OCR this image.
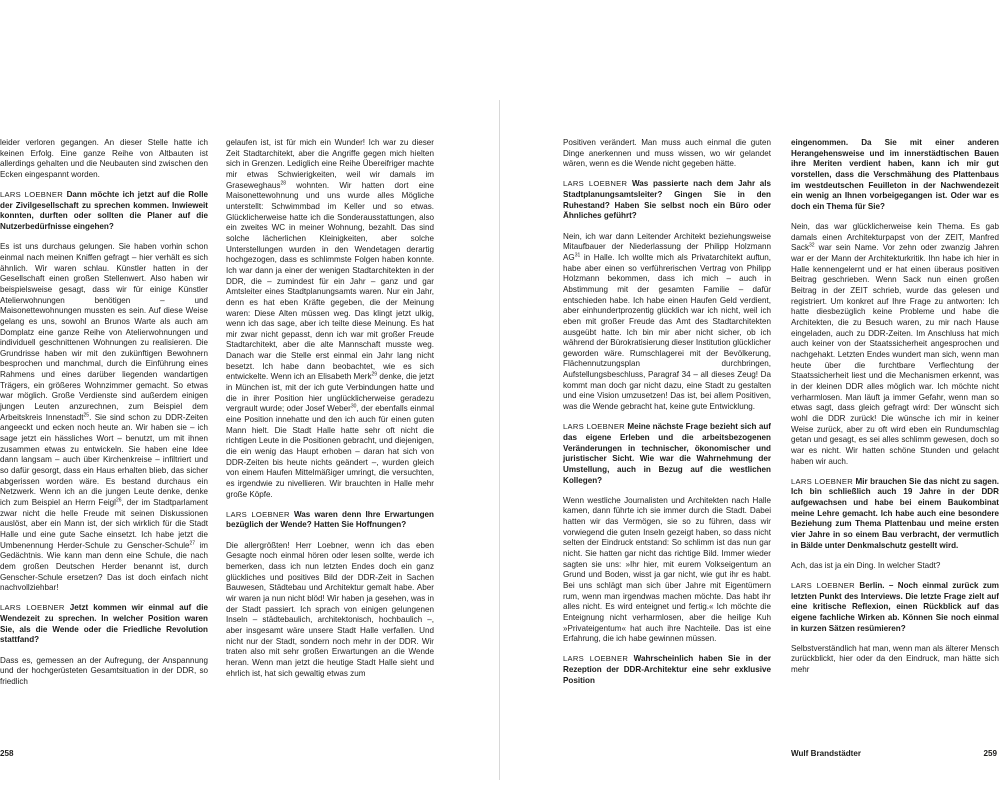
leider verloren gegangen. An dieser Stelle hatte ich keinen Erfolg. Eine ganze Reihe von Altbauten ist allerdings gehalten und die Neubauten sind zwischen den Ecken eingespannt worden.

LARS LOEBNER Dann möchte ich jetzt auf die Rolle der Zivilgesellschaft zu sprechen kommen. Inwieweit konnten, durften oder sollten die Planer auf die Nutzerbedürfnisse eingehen?

Es ist uns durchaus gelungen. Sie haben vorhin schon einmal nach meinen Kniffen gefragt – hier verhält es sich ähnlich. Wir waren schlau. Künstler hatten in der Gesellschaft einen großen Stellenwert. Also haben wir beispielsweise gesagt, dass wir für einige Künstler Atelierwohnungen benötigen – und Maisonettewohnungen mussten es sein. Auf diese Weise gelang es uns, sowohl an Brunos Warte als auch am Domplatz eine ganze Reihe von Atelierwohnungen und individuell geschnittenen Wohnungen zu realisieren. Die Grundrisse haben wir mit den zukünftigen Bewohnern besprochen und manchmal, durch die Einführung eines Rahmens und eines darüber liegenden wandartigen Trägers, ein größeres Wohnzimmer gemacht. So etwas war möglich. Große Verdienste sind außerdem einigen jungen Leuten anzurechnen, zum Beispiel dem Arbeitskreis Innenstadt$^{25}$. Sie sind schon zu DDR-Zeiten angeeckt und ecken noch heute an. Wir haben sie – ich sage jetzt ein hässliches Wort – benutzt, um mit ihnen zusammen etwas zu entwickeln. Sie haben eine Idee dann langsam – auch über Kirchenkreise – infiltriert und so dafür gesorgt, dass ein Haus erhalten blieb, das sicher abgerissen worden wäre. Es bestand durchaus ein Netzwerk. Wenn ich an die jungen Leute denke, denke ich zum Beispiel an Herrn Feigl$^{26}$, der im Stadtparlament zwar nicht die helle Freude mit seinen Diskussionen auslöst, aber ein Mann ist, der sich wirklich für die Stadt Halle und eine gute Sache einsetzt. Ich habe jetzt die Umbenennung Herder-Schule zu Genscher-Schule$^{27}$ im Gedächtnis. Wie kann man denn eine Schule, die nach dem großen Deutschen Herder benannt ist, durch Genscher-Schule ersetzen? Das ist doch einfach nicht nachvollziehbar!

LARS LOEBNER Jetzt kommen wir einmal auf die Wendezeit zu sprechen. In welcher Position waren Sie, als die Wende oder die Friedliche Revolution stattfand?

Dass es, gemessen an der Aufregung, der Anspannung und der hochgerüsteten Gesamtsituation in der DDR, so friedlich

gelaufen ist, ist für mich ein Wunder! Ich war zu dieser Zeit Stadtarchitekt, aber die Angriffe gegen mich hielten sich in Grenzen. Lediglich eine Reihe Übereifriger machte mir etwas Schwierigkeiten, weil wir damals im Graseweghaus$^{28}$ wohnten. Wir hatten dort eine Maisonettewohnung und uns wurde alles Mögliche unterstellt: Schwimmbad im Keller und so etwas. Glücklicherweise hatte ich die Sonderausstattungen, also ein zweites WC in meiner Wohnung, bezahlt. Das sind solche lächerlichen Kleinigkeiten, aber solche Unterstellungen wurden in den Wendetagen derartig hochgezogen, dass es schlimmste Folgen haben konnte. Ich war dann ja einer der wenigen Stadtarchitekten in der DDR, die – zumindest für ein Jahr – ganz und gar Amtsleiter eines Stadtplanungsamts waren. Nur ein Jahr, denn es hat eben Kräfte gegeben, die der Meinung waren: Diese Alten müssen weg. Das klingt jetzt ulkig, wenn ich das sage, aber ich teilte diese Meinung. Es hat mir zwar nicht gepasst, denn ich war mit großer Freude Stadtarchitekt, aber die alte Mannschaft musste weg. Danach war die Stelle erst einmal ein Jahr lang nicht besetzt. Ich habe dann beobachtet, wie es sich entwickelte. Wenn ich an Elisabeth Merk$^{29}$ denke, die jetzt in München ist, mit der ich gute Verbindungen hatte und die in ihrer Position hier unglücklicherweise geradezu vergrault wurde; oder Josef Weber$^{30}$, der ebenfalls einmal eine Position innehatte und den ich auch für einen guten Mann hielt. Die Stadt Halle hatte sehr oft nicht die richtigen Leute in die Positionen gebracht, und diejenigen, die ein wenig das Haupt erhoben – daran hat sich von DDR-Zeiten bis heute nichts geändert –, wurden gleich von einem Haufen Mittelmäßiger umringt, die versuchten, es irgendwie zu nivellieren. Wir brauchten in Halle mehr große Köpfe.

LARS LOEBNER Was waren denn Ihre Erwartungen bezüglich der Wende? Hatten Sie Hoffnungen?

Die allergrößten! Herr Loebner, wenn ich das eben Gesagte noch einmal hören oder lesen sollte, werde ich bemerken, dass ich nun letzten Endes doch ein ganz glückliches und positives Bild der DDR-Zeit in Sachen Bauwesen, Städtebau und Architektur gemalt habe. Aber wir waren ja nun nicht blöd! Wir haben ja gesehen, was in der Stadt passiert. Ich sprach von einigen gelungenen Inseln – städtebaulich, architektonisch, hochbaulich –, aber insgesamt wäre unsere Stadt Halle verfallen. Und nicht nur der Stadt, sondern noch mehr in der DDR. Wir traten also mit sehr großen Erwartungen an die Wende heran. Wenn man jetzt die heutige Stadt Halle sieht und ehrlich ist, hat sich gewaltig etwas zum

Positiven verändert. Man muss auch einmal die guten Dinge anerkennen und muss wissen, wo wir gelandet wären, wenn es die Wende nicht gegeben hätte.

LARS LOEBNER Was passierte nach dem Jahr als Stadtplanungsamtsleiter? Gingen Sie in den Ruhestand? Haben Sie selbst noch ein Büro oder Ähnliches geführt?

Nein, ich war dann Leitender Architekt beziehungsweise Mitaufbauer der Niederlassung der Philipp Holzmann AG$^{31}$ in Halle. Ich wollte mich als Privatarchitekt auftun, habe aber einen so verführerischen Vertrag von Philipp Holzmann bekommen, dass ich mich – auch in Abstimmung mit der gesamten Familie – dafür entschieden habe. Ich habe einen Haufen Geld verdient, aber einhundertprozentig glücklich war ich nicht, weil ich eben mit großer Freude das Amt des Stadtarchitekten ausgeübt hatte. Ich bin mir aber nicht sicher, ob ich während der Bürokratisierung dieser Institution glücklicher geworden wäre. Rumschlagerei mit der Bevölkerung, Flächennutzungsplan durchbringen, Aufstellungsbeschluss, Paragraf 34 – all dieses Zeug! Da kommt man doch gar nicht dazu, eine Stadt zu gestalten und eine Vision umzusetzen! Das ist, bei allem Positiven, was die Wende gebracht hat, keine gute Entwicklung.

LARS LOEBNER Meine nächste Frage bezieht sich auf das eigene Erleben und die arbeitsbezogenen Veränderungen in technischer, ökonomischer und juristischer Sicht. Wie war die Wahrnehmung der Umstellung, auch in Bezug auf die westlichen Kollegen?

Wenn westliche Journalisten und Architekten nach Halle kamen, dann führte ich sie immer durch die Stadt. Dabei hatten wir das Vermögen, sie so zu führen, dass wir vorwiegend die guten Inseln gezeigt haben, so dass nicht selten der Eindruck entstand: So schlimm ist das nun gar nicht. Sie hatten gar nicht das richtige Bild. Immer wieder sagten sie uns: »Ihr hier, mit eurem Volkseigentum an Grund und Boden, wisst ja gar nicht, wie gut ihr es habt. Bei uns schlägt man sich über Jahre mit Eigentümern rum, wenn man irgendwas machen möchte. Das habt ihr alles nicht. Es wird enteignet und fertig.« Ich möchte die Enteignung nicht verharmlosen, aber die heilige Kuh »Privateigentum« hat auch ihre Nachteile. Das ist eine Erfahrung, die ich habe gewinnen müssen.

LARS LOEBNER Wahrscheinlich haben Sie in der Rezeption der DDR-Architektur eine sehr exklusive Position

eingenommen. Da Sie mit einer anderen Herangehensweise und im innerstädtischen Bauen ihre Meriten verdient haben, kann ich mir gut vorstellen, dass die Verschmähung des Plattenbaus im westdeutschen Feuilleton in der Nachwendezeit ein wenig an Ihnen vorbeigegangen ist. Oder war es doch ein Thema für Sie?

Nein, das war glücklicherweise kein Thema. Es gab damals einen Architekturpapst von der ZEIT, Manfred Sack$^{32}$ war sein Name. Vor zehn oder zwanzig Jahren war er der Mann der Architekturkritik. Ihn habe ich hier in Halle kennengelernt und er hat einen überaus positiven Beitrag geschrieben. Wenn Sack nun einen großen Beitrag in der ZEIT schrieb, wurde das gelesen und registriert. Um konkret auf Ihre Frage zu antworten: Ich hatte diesbezüglich keine Probleme und habe die Architekten, die zu Besuch waren, zu mir nach Hause eingeladen, auch zu DDR-Zeiten. Im Anschluss hat mich auch keiner von der Staatssicherheit angesprochen und nachgehakt. Letzten Endes wundert man sich, wenn man heute über die furchtbare Verflechtung der Staatssicherheit liest und die Mechanismen erkennt, was in der kleinen DDR alles möglich war. Ich möchte nicht verharmlosen. Man läuft ja immer Gefahr, wenn man so etwas sagt, dass gleich gefragt wird: Der wünscht sich wohl die DDR zurück! Die wünsche ich mir in keiner Weise zurück, aber zu oft wird eben ein Rundumschlag getan und gesagt, es sei alles schlimm gewesen, doch so war es nicht. Wir hatten schöne Stunden und gelacht haben wir auch.

LARS LOEBNER Mir brauchen Sie das nicht zu sagen. Ich bin schließlich auch 19 Jahre in der DDR aufgewachsen und habe bei einem Baukombinat meine Lehre gemacht. Ich habe auch eine besondere Beziehung zum Thema Plattenbau und meine ersten vier Jahre in so einem Bau verbracht, der vermutlich in Bälde unter Denkmalschutz gestellt wird.

Ach, das ist ja ein Ding. In welcher Stadt?

LARS LOEBNER Berlin. – Noch einmal zurück zum letzten Punkt des Interviews. Die letzte Frage zielt auf eine kritische Reflexion, einen Rückblick auf das eigene fachliche Wirken ab. Können Sie noch einmal in kurzen Sätzen resümieren?

Selbstverständlich hat man, wenn man als älterer Mensch zurückblickt, hier oder da den Eindruck, man hätte sich mehr

258	Wulf Brandstädter	259
